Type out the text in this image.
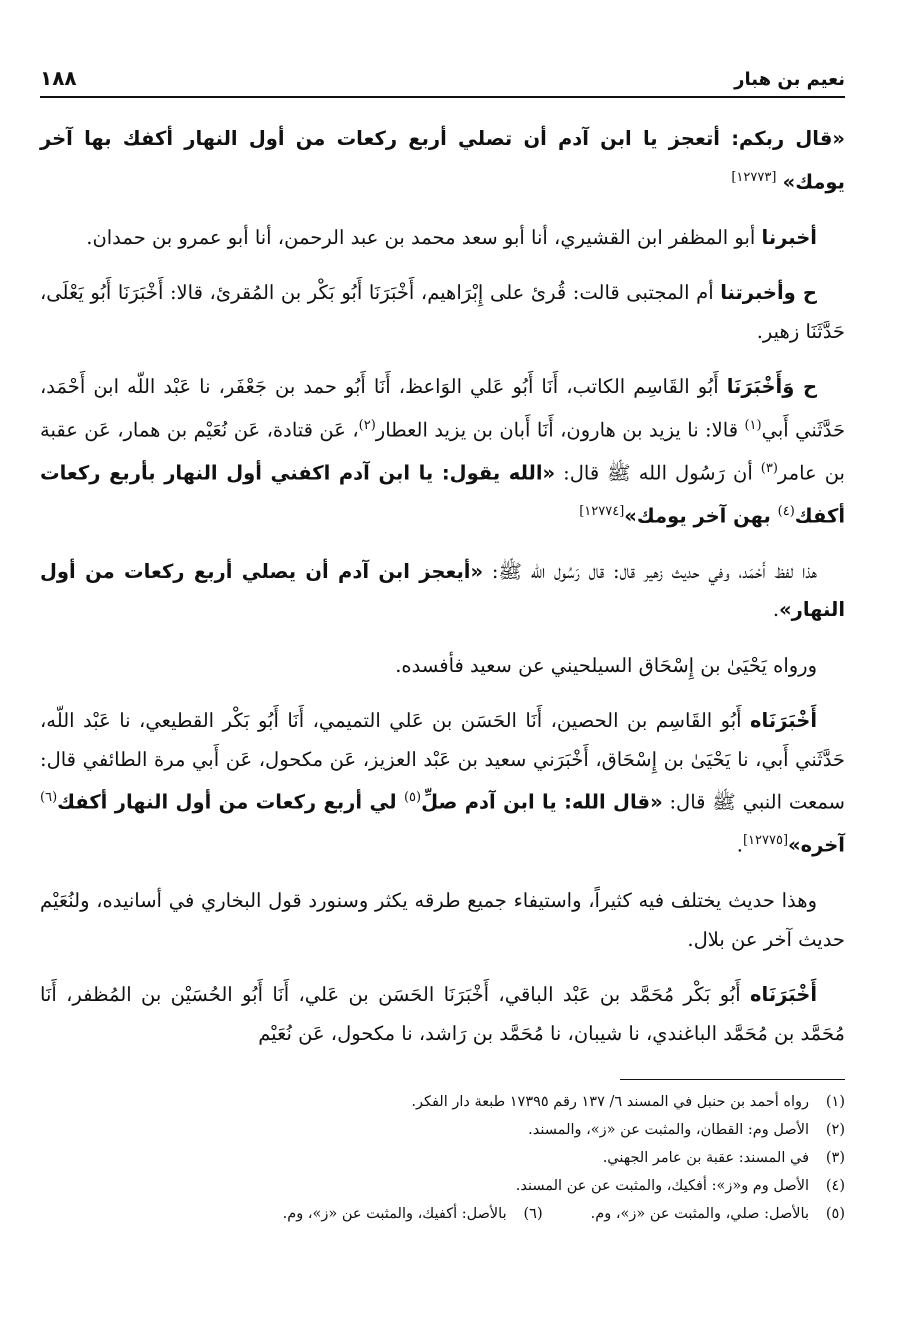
نعيم بن هبار
١٨٨

«قال ربكم: أتعجز يا ابن آدم أن تصلي أربع ركعات من أول النهار أكفك بها آخر يومك» [١٢٧٧٣]

أخبرنا أبو المظفر ابن القشيري، أنا أبو سعد محمد بن عبد الرحمن، أنا أبو عمرو بن حمدان.

ح وأخبرتنا أم المجتبى قالت: قُرئ على إِبْرَاهيم، أَخْبَرَنَا أَبُو بَكْر بن المُقرئ، قالا: أَخْبَرَنَا أَبُو يَعْلَى، حَدَّثَنَا زهير.

ح وَأَخْبَرَنَا أَبُو القَاسِم الكاتب، أَنَا أَبُو عَلي الوَاعظ، أَنَا أَبُو حمد بن جَعْفَر، نا عَبْد اللّه ابن أَحْمَد، حَدَّثَني أَبي$^{(١)}$ قالا: نا يزيد بن هارون، أَنَا أَبان بن يزيد العطار$^{(٢)}$، عَن قتادة، عَن نُعَيْم بن همار، عَن عقبة بن عامر$^{(٣)}$ أن رَسُول الله ﷺ قال: «الله يقول: يا ابن آدم اكفني أول النهار بأربع ركعات أكفك$^{(٤)}$ بهن آخر يومك»[١٢٧٧٤]

هذا لفظ أَحْمَد، وفي حديث زهير قال: قال رَسُول الله ﷺ: «أيعجز ابن آدم أن يصلي أربع ركعات من أول النهار».

ورواه يَحْيَىٰ بن إِسْحَاق السيلحيني عن سعيد فأفسده.

أَخْبَرَنَاه أَبُو القَاسِم بن الحصين، أَنَا الحَسَن بن عَلي التميمي، أَنَا أَبُو بَكْر القطيعي، نا عَبْد اللّه، حَدَّثَني أَبي، نا يَحْيَىٰ بن إِسْحَاق، أَخْبَرَني سعيد بن عَبْد العزيز، عَن مكحول، عَن أَبي مرة الطائفي قال: سمعت النبي ﷺ قال: «قال الله: يا ابن آدم صلِّ$^{(٥)}$ لي أربع ركعات من أول النهار أكفك$^{(٦)}$ آخره»[١٢٧٧٥].

وهذا حديث يختلف فيه كثيراً، واستيفاء جميع طرقه يكثر وسنورد قول البخاري في أسانيده، ولنُعَيْم حديث آخر عن بلال.

أَخْبَرَنَاه أَبُو بَكْر مُحَمَّد بن عَبْد الباقي، أَخْبَرَنَا الحَسَن بن عَلي، أَنَا أَبُو الحُسَيْن بن المُظفر، أَنَا مُحَمَّد بن مُحَمَّد الباغندي، نا شيبان، نا مُحَمَّد بن رَاشد، نا مكحول، عَن نُعَيْم

(١)
رواه أحمد بن حنبل في المسند ٦/ ١٣٧ رقم ١٧٣٩٥ طبعة دار الفكر.
(٢)
الأصل وم: القطان، والمثبت عن «ز»، والمسند.
(٣)
في المسند: عقبة بن عامر الجهني.
(٤)
الأصل وم و«ز»: أفكيك، والمثبت عن عن المسند.
(٥)
بالأصل: صلي، والمثبت عن «ز»، وم.
(٦)
بالأصل: أكفيك، والمثبت عن «ز»، وم.
